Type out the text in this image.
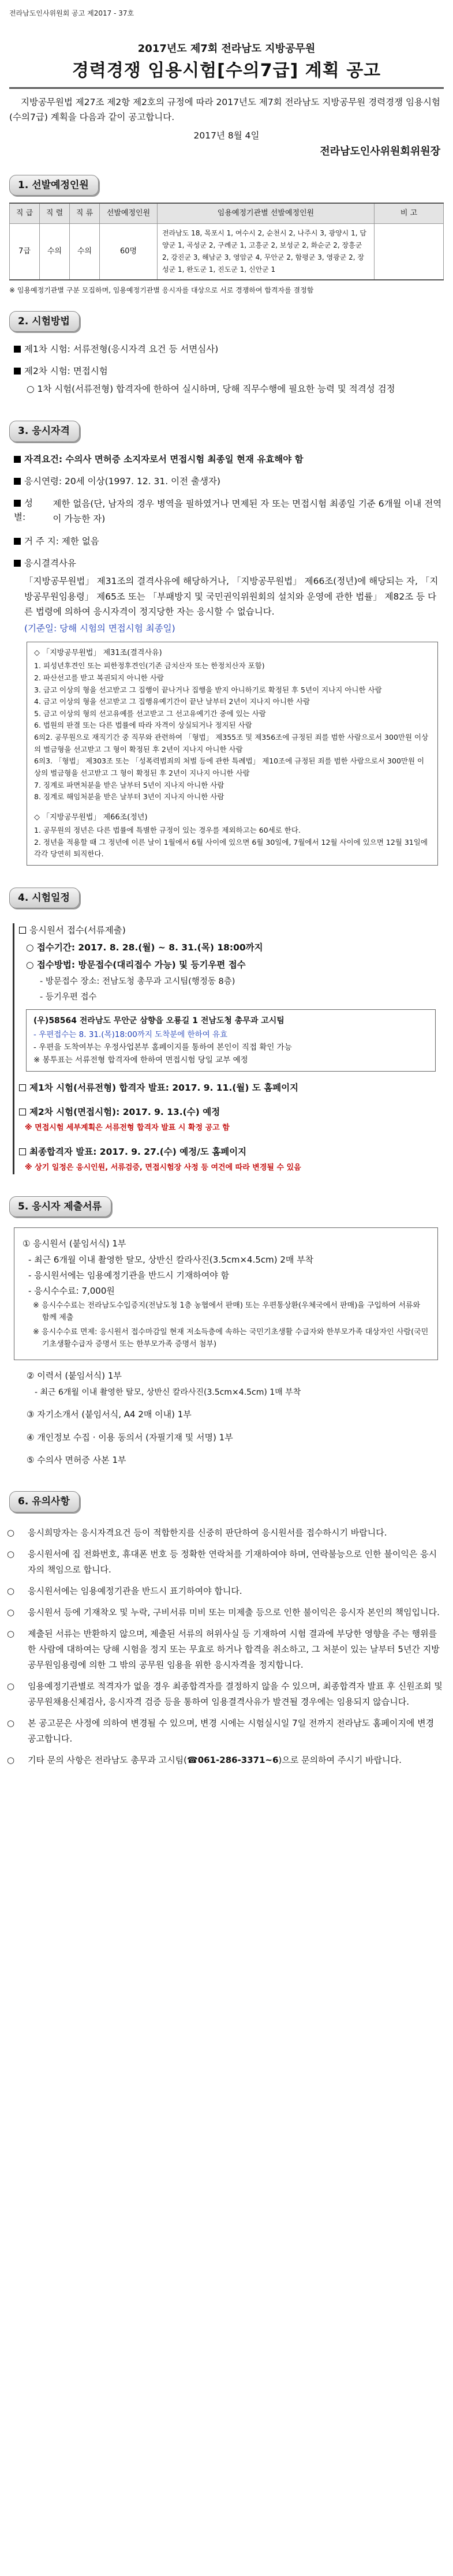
전라남도인사위원회 공고 제2017 - 37호
2017년도 제7회 전라남도 지방공무원
경력경쟁 임용시험[수의7급] 계획 공고

지방공무원법 제27조 제2항 제2호의 규정에 따라 2017년도 제7회 전라남도 지방공무원 경력경쟁 임용시험(수의7급) 계획을 다음과 같이 공고합니다.

2017년 8월 4일
전라남도인사위원회위원장
1. 선발예정인원
직 급	직 렬	직 류	선발예정인원	임용예정기관별 선발예정인원	비 고
7급	수의	수의	60명	전라남도 18, 목포시 1, 여수시 2, 순천시 2, 나주시 3, 광양시 1, 담양군 1, 곡성군 2, 구례군 1, 고흥군 2, 보성군 2, 화순군 2, 장흥군 2, 강진군 3, 해남군 3, 영암군 4, 무안군 2, 함평군 3, 영광군 2, 장성군 1, 완도군 1, 진도군 1, 신안군 1	
※ 임용예정기관별 구분 모집하며, 임용예정기관별 응시자를 대상으로 서로 경쟁하여 합격자를 결정함
2. 시험방법
제1차 시험: 서류전형(응시자격 요건 등 서면심사)
제2차 시험: 면접시험
○ 1차 시험(서류전형) 합격자에 한하여 실시하며, 당해 직무수행에 필요한 능력 및 적격성 검정
3. 응시자격
자격요건: 수의사 면허증 소지자로서 면접시험 최종일 현재 유효해야 함
응시연령: 20세 이상(1997. 12. 31. 이전 출생자)
성 별:
제한 없음(단, 남자의 경우 병역을 필하였거나 면제된 자 또는 면접시험 최종일 기준 6개월 이내 전역이 가능한 자)
거 주 지: 제한 없음
응시결격사유
「지방공무원법」 제31조의 결격사유에 해당하거나, 「지방공무원법」 제66조(정년)에 해당되는 자, 「지방공무원임용령」 제65조 또는 「부패방지 및 국민권익위원회의 설치와 운영에 관한 법률」 제82조 등 다른 법령에 의하여 응시자격이 정지당한 자는 응시할 수 없습니다.
(기준일: 당해 시험의 면접시험 최종일)
◇ 「지방공무원법」 제31조(결격사유)
1. 피성년후견인 또는 피한정후견인(기존 금치산자 또는 한정치산자 포함)
2. 파산선고를 받고 복권되지 아니한 사람
3. 금고 이상의 형을 선고받고 그 집행이 끝나거나 집행을 받지 아니하기로 확정된 후 5년이 지나지 아니한 사람
4. 금고 이상의 형을 선고받고 그 집행유예기간이 끝난 날부터 2년이 지나지 아니한 사람
5. 금고 이상의 형의 선고유예를 선고받고 그 선고유예기간 중에 있는 사람
6. 법원의 판결 또는 다른 법률에 따라 자격이 상실되거나 정지된 사람
6의2. 공무원으로 재직기간 중 직무와 관련하여 「형법」 제355조 및 제356조에 규정된 죄를 범한 사람으로서 300만원 이상의 벌금형을 선고받고 그 형이 확정된 후 2년이 지나지 아니한 사람
6의3. 「형법」 제303조 또는 「성폭력범죄의 처벌 등에 관한 특례법」 제10조에 규정된 죄를 범한 사람으로서 300만원 이상의 벌금형을 선고받고 그 형이 확정된 후 2년이 지나지 아니한 사람
7. 징계로 파면처분을 받은 날부터 5년이 지나지 아니한 사람
8. 징계로 해임처분을 받은 날부터 3년이 지나지 아니한 사람
◇ 「지방공무원법」 제66조(정년)
1. 공무원의 정년은 다른 법률에 특별한 규정이 있는 경우를 제외하고는 60세로 한다.
2. 정년을 적용할 때 그 정년에 이른 날이 1월에서 6월 사이에 있으면 6월 30일에, 7월에서 12월 사이에 있으면 12월 31일에 각각 당연히 퇴직한다.
4. 시험일정
응시원서 접수(서류제출)
○ 접수기간: 2017. 8. 28.(월) ~ 8. 31.(목) 18:00까지
○ 접수방법: 방문접수(대리접수 가능) 및 등기우편 접수
- 방문접수 장소: 전남도청 총무과 고시팀(행정동 8층)
- 등기우편 접수
(우)58564 전라남도 무안군 삼향읍 오룡길 1 전남도청 총무과 고시팀
- 우편접수는 8. 31.(목)18:00까지 도착분에 한하여 유효
- 우편을 도착여부는 우정사업본부 홈페이지를 통하여 본인이 직접 확인 가능
※ 봉투표는 서류전형 합격자에 한하여 면접시험 당일 교부 예정
제1차 시험(서류전형) 합격자 발표: 2017. 9. 11.(월) 도 홈페이지
제2차 시험(면접시험): 2017. 9. 13.(수) 예정
※ 면접시험 세부계획은 서류전형 합격자 발표 시 확정 공고 함
최종합격자 발표: 2017. 9. 27.(수) 예정/도 홈페이지
※ 상기 일정은 응시인원, 서류검증, 면접시험장 사정 등 여건에 따라 변경될 수 있음
5. 응시자 제출서류
① 응시원서 (붙임서식) 1부
- 최근 6개월 이내 촬영한 탈모, 상반신 칼라사진(3.5cm×4.5cm) 2매 부착
- 응시원서에는 임용예정기관을 반드시 기재하여야 함
- 응시수수료: 7,000원
※ 응시수수료는 전라남도수입증지(전남도청 1층 농협에서 판매) 또는 우편통상환(우체국에서 판매)을 구입하여 서류와 함께 제출
※ 응시수수료 면제: 응시원서 접수마감일 현재 저소득층에 속하는 국민기초생활 수급자와 한부모가족 대상자인 사람(국민기초생활수급자 증명서 또는 한부모가족 증명서 첨부)
② 이력서 (붙임서식) 1부
- 최근 6개월 이내 촬영한 탈모, 상반신 칼라사진(3.5cm×4.5cm) 1매 부착
③ 자기소개서 (붙임서식, A4 2매 이내) 1부
④ 개인정보 수집 · 이용 동의서 (자필기재 및 서명) 1부
⑤ 수의사 면허증 사본 1부
6. 유의사항

○ 응시희망자는 응시자격요건 등이 적합한지를 신중히 판단하여 응시원서를 접수하시기 바랍니다.

○ 응시원서에 집 전화번호, 휴대폰 번호 등 정확한 연락처를 기재하여야 하며, 연락불능으로 인한 불이익은 응시자의 책임으로 합니다.

○ 응시원서에는 임용예정기관을 반드시 표기하여야 합니다.

○ 응시원서 등에 기재착오 및 누락, 구비서류 미비 또는 미제출 등으로 인한 불이익은 응시자 본인의 책임입니다.

○ 제출된 서류는 반환하지 않으며, 제출된 서류의 허위사실 등 기재하여 시험 결과에 부당한 영향을 주는 행위를 한 사람에 대하여는 당해 시험을 정지 또는 무효로 하거나 합격을 취소하고, 그 처분이 있는 날부터 5년간 지방공무원임용령에 의한 그 밖의 공무원 임용을 위한 응시자격을 정지합니다.

○ 임용예정기관별로 적격자가 없을 경우 최종합격자를 결정하지 않을 수 있으며, 최종합격자 발표 후 신원조회 및 공무원채용신체검사, 응시자격 검증 등을 통하여 임용결격사유가 발견될 경우에는 임용되지 않습니다.

○ 본 공고문은 사정에 의하여 변경될 수 있으며, 변경 시에는 시험실시일 7일 전까지 전라남도 홈페이지에 변경 공고합니다.

○ 기타 문의 사항은 전라남도 총무과 고시팀(

☎061-286-3371~6

)으로 문의하여 주시기 바랍니다.
